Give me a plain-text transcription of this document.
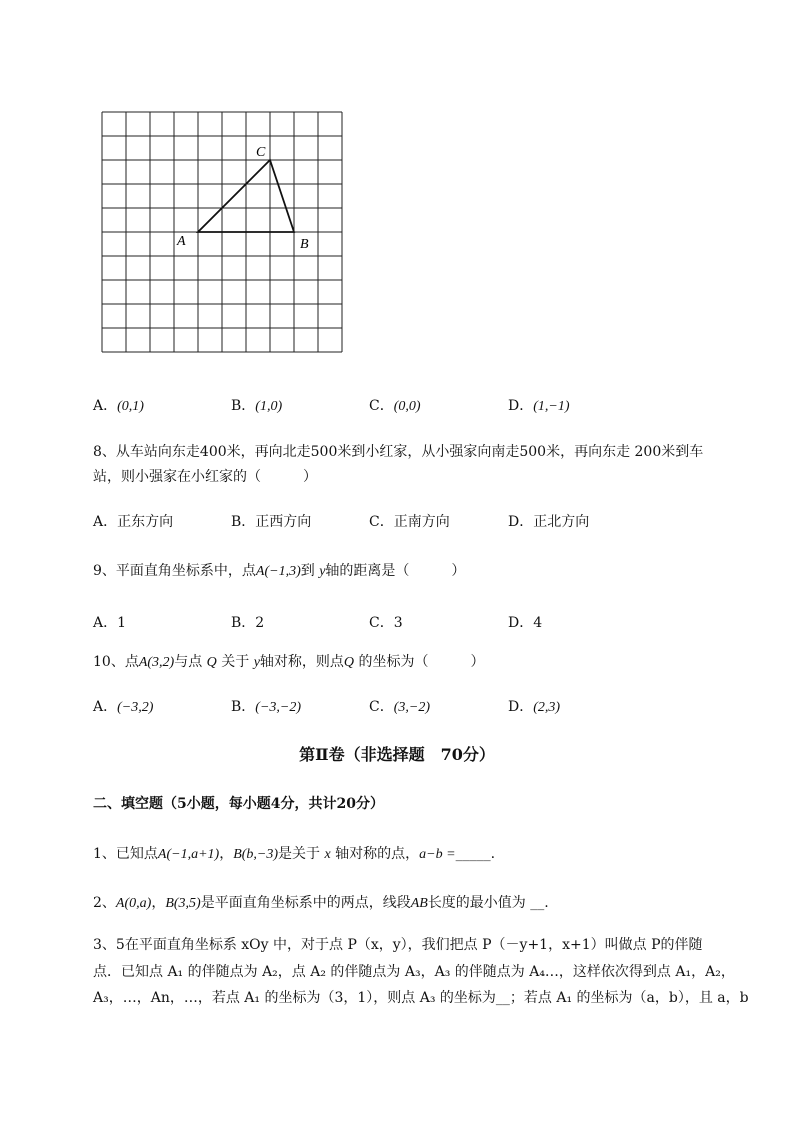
A	B
C
A．(0,1)	B．(1,0)	C．(0,0)	D．(1,−1)
8、从车站向东走400米，再向北走500米到小红家，从小强家向南走500米，再向东走 200米到车
站，则小强家在小红家的（　　　）
A．正东方向	B．正西方向	C．正南方向	D．正北方向
9、平面直角坐标系中，点A(−1,3)到 y轴的距离是（　　　）
A．1	B．2	C．3	D．4
10、点A(3,2)与点 Q 关于 y轴对称，则点Q 的坐标为（　　　）
A．(−3,2)	B．(−3,−2)	C．(3,−2)	D．(2,3)
第Ⅱ卷（非选择题　70分）
二、填空题（5小题，每小题4分，共计20分）
1、已知点A(−1,a+1)，B(b,−3)是关于 x 轴对称的点，a−b =_____.
2、A(0,a)，B(3,5)是平面直角坐标系中的两点，线段AB长度的最小值为 __.
3、5在平面直角坐标系 xOy 中，对于点 P（x，y），我们把点 P（－y+1，x+1）叫做点 P的伴随
点．已知点 A₁ 的伴随点为 A₂，点 A₂ 的伴随点为 A₃，A₃ 的伴随点为 A₄…，这样依次得到点 A₁，A₂，
A₃，…，An，…，若点 A₁ 的坐标为（3，1），则点 A₃ 的坐标为__；若点 A₁ 的坐标为（a，b），且 a，b
